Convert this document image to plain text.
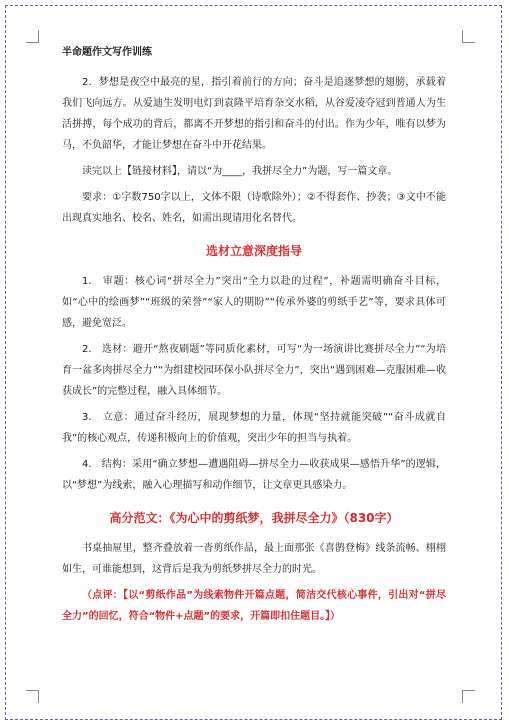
半命题作文写作训练

2．梦想是夜空中最亮的星，指引着前行的方向；奋斗是追逐梦想的翅膀，承载着我们飞向远方。从爱迪生发明电灯到袁隆平培育杂交水稻，从谷爱凌夺冠到普通人为生活拼搏，每个成功的背后，都离不开梦想的指引和奋斗的付出。作为少年，唯有以梦为马，不负韶华，才能让梦想在奋斗中开花结果。

读完以上【链接材料】，请以“为____，我拼尽全力”为题，写一篇文章。

要求：①字数750字以上，文体不限（诗歌除外）；②不得套作、抄袭；③文中不能出现真实地名、校名、姓名，如需出现请用化名替代。

选材立意深度指导
1.　审题：核心词“拼尽全力”突出“全力以赴的过程”，补题需明确奋斗目标，如“心中的绘画梦”“班级的荣誉”“家人的期盼”“传承外婆的剪纸手艺”等，要求具体可感，避免宽泛。
2.　选材：避开“熬夜刷题”等同质化素材，可写“为一场演讲比赛拼尽全力”“为培育一盆多肉拼尽全力”“为组建校园环保小队拼尽全力”，突出“遇到困难—克服困难—收获成长”的完整过程，融入具体细节。
3.　立意：通过奋斗经历，展现梦想的力量，体现“坚持就能突破”“奋斗成就自我”的核心观点，传递积极向上的价值观，突出少年的担当与执着。
4.　结构：采用“确立梦想—遭遇阻碍—拼尽全力—收获成果—感悟升华”的逻辑，以“梦想”为线索，融入心理描写和动作细节，让文章更具感染力。
高分范文：《为心中的剪纸梦，我拼尽全力》（830字）

书桌抽屉里，整齐叠放着一沓剪纸作品，最上面那张《喜鹊登梅》线条流畅、栩栩如生，可谁能想到，这背后是我为剪纸梦拼尽全力的时光。

（点评：【以“剪纸作品”为线索物件开篇点题，简洁交代核心事件，引出对“拼尽全力”的回忆，符合“物件+点题”的要求，开篇即扣住题目。】）
